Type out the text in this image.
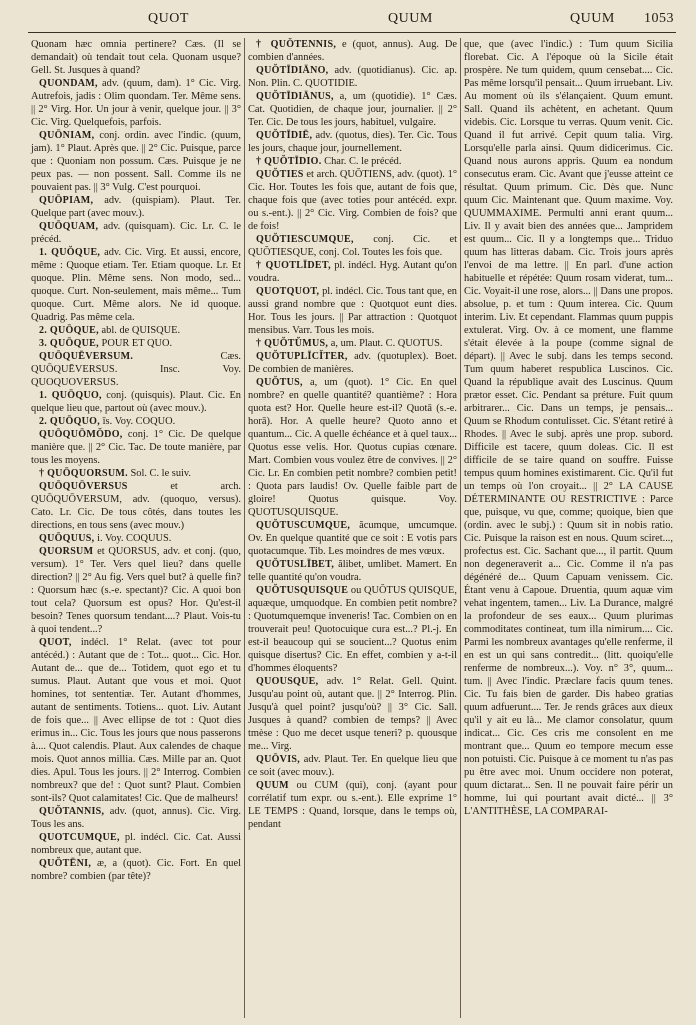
QUOT	QUUM	QUUM 1053

Quonam hæc omnia pertinere? Cæs. (Il se demandait) où tendait tout cela. Quonam usque? Gell. St. Jusques à quand?

QUONDAM, adv. (quum, dam). 1° Cic. Virg. Autrefois, jadis : Olim quondam. Ter. Même sens. || 2° Virg. Hor. Un jour à venir, quelque jour. || 3° Cic. Virg. Quelquefois, parfois.

QUŌNIAM, conj. ordin. avec l'indic. (quum, jam). 1° Plaut. Après que. || 2° Cic. Puisque, parce que : Quoniam non possum. Cæs. Puisque je ne peux pas. — non possent. Sall. Comme ils ne pouvaient pas. || 3° Vulg. C'est pourquoi.

QUŌPIAM, adv. (quispiam). Plaut. Ter. Quelque part (avec mouv.).

QUŌQUAM, adv. (quisquam). Cic. Lr. C. le précéd.

1. QUŎQUE, adv. Cic. Virg. Et aussi, encore, même : Quoque etiam. Ter. Etiam quoque. Lr. Et quoque. Plin. Même sens. Non modo, sed... quoque. Curt. Non-seulement, mais même... Tum quoque. Curt. Même alors. Ne id quoque. Quadrig. Pas même cela.

2. QUŌQUE, abl. de QUISQUE.

3. QUŌQUE, POUR ET QUO.

QUŌQUĒVERSUM. Cæs. QUŌQUĒVERSUS. Insc. Voy. QUOQUOVERSUS.

1. QUŌQUO, conj. (quisquis). Plaut. Cic. En quelque lieu que, partout où (avec mouv.).

2. QUŌQUO, īs. Voy. COQUO.

QUŌQUŌMŎDO, conj. 1° Cic. De quelque manière que. || 2° Cic. Tac. De toute manière, par tous les moyens.

† QUŌQUORSUM. Sol. C. le suiv.

QUŌQUŌVERSUS et arch. QUŌQUŌVERSUM, adv. (quoquo, versus). Cato. Lr. Cic. De tous côtés, dans toutes les directions, en tous sens (avec mouv.)

QUŌQUUS, i. Voy. COQUUS.

QUORSUM et QUORSUS, adv. et conj. (quo, versum). 1° Ter. Vers quel lieu? dans quelle direction? || 2° Au fig. Vers quel but? à quelle fin? : Quorsum hæc (s.-e. spectant)? Cic. A quoi bon tout cela? Quorsum est opus? Hor. Qu'est-il besoin? Tenes quorsum tendant....? Plaut. Vois-tu à quoi tendent...?

QUOT, indécl. 1° Relat. (avec tot pour antécéd.) : Autant que de : Tot... quot... Cic. Hor. Autant de... que de... Totidem, quot ego et tu sumus. Plaut. Autant que vous et moi. Quot homines, tot sententiæ. Ter. Autant d'hommes, autant de sentiments. Totiens... quot. Liv. Autant de fois que... || Avec ellipse de tot : Quot dies erimus in... Cic. Tous les jours que nous passerons à.... Quot calendis. Plaut. Aux calendes de chaque mois. Quot annos millia. Cæs. Mille par an. Quot dies. Apul. Tous les jours. || 2° Interrog. Combien nombreux? que de! : Quot sunt? Plaut. Combien sont-ils? Quot calamitates! Cic. Que de malheurs!

QUŎTANNIS, adv. (quot, annus). Cic. Virg. Tous les ans.

QUOTCUMQUE, pl. indécl. Cic. Cat. Aussi nombreux que, autant que.

QUŎTĒNI, æ, a (quot). Cic. Fort. En quel nombre? combien (par tête)?

† QUŎTENNIS, e (quot, annus). Aug. De combien d'années.

QUŎTĪDIĀNO, adv. (quotidianus). Cic. ap. Non. Plin. C. QUOTIDIE.

QUŎTĪDIĀNUS, a, um (quotidie). 1° Cæs. Cat. Quotidien, de chaque jour, journalier. || 2° Ter. Cic. De tous les jours, habituel, vulgaire.

QUŎTĪDIĒ, adv. (quotus, dies). Ter. Cic. Tous les jours, chaque jour, journellement.

† QUŎTĪDIO. Char. C. le précéd.

QUŎTIES et arch. QUŎTIENS, adv. (quot). 1° Cic. Hor. Toutes les fois que, autant de fois que, chaque fois que (avec toties pour antécéd. expr. ou s.-ent.). || 2° Cic. Virg. Combien de fois? que de fois!

QUŎTIESCUMQUE, conj. Cic. et QUŎTIESQUE, conj. Col. Toutes les fois que.

† QUOTLĪDET, pl. indécl. Hyg. Autant qu'on voudra.

QUOTQUOT, pl. indécl. Cic. Tous tant que, en aussi grand nombre que : Quotquot eunt dies. Hor. Tous les jours. || Par attraction : Quotquot mensibus. Varr. Tous les mois.

† QUŎTŬMUS, a, um. Plaut. C. QUOTUS.

QUŎTUPLĪCĬTER, adv. (quotuplex). Boet. De combien de manières.

QUŎTUS, a, um (quot). 1° Cic. En quel nombre? en quelle quantité? quantième? : Hora quota est? Hor. Quelle heure est-il? Quotā (s.-e. horā). Hor. A quelle heure? Quoto anno et quantum... Cic. A quelle échéance et à quel taux... Quotus esse velis. Hor. Quotus cupias cœnare. Mart. Combien vous voulez être de convives. || 2° Cic. Lr. En combien petit nombre? combien petit! : Quota pars laudis! Ov. Quelle faible part de gloire! Quotus quisque. Voy. QUOTUSQUISQUE.

QUŎTUSCUMQUE, ăcumque, umcumque. Ov. En quelque quantité que ce soit : E votis pars quotacumque. Tib. Les moindres de mes vœux.

QUŎTUSLĪBET, ălibet, umlibet. Mamert. En telle quantité qu'on voudra.

QUŎTUSQUISQUE ou QUŎTUS QUISQUE, aquæque, umquodque. En combien petit nombre? : Quotumquemque inveneris! Tac. Combien on en trouverait peu! Quotocuique cura est...? Pl.-j. En est-il beaucoup qui se soucient...? Quotus enim quisque disertus? Cic. En effet, combien y a-t-il d'hommes éloquents?

QUOUSQUE, adv. 1° Relat. Gell. Quint. Jusqu'au point où, autant que. || 2° Interrog. Plin. Jusqu'à quel point? jusqu'où? || 3° Cic. Sall. Jusques à quand? combien de temps? || Avec tmèse : Quo me decet usque teneri? p. quousque me... Virg.

QUŌVIS, adv. Plaut. Ter. En quelque lieu que ce soit (avec mouv.).

QUUM ou CUM (qui), conj. (ayant pour corrélatif tum expr. ou s.-ent.). Elle exprime 1° LE TEMPS : Quand, lorsque, dans le temps où, pendant

que, que (avec l'indic.) : Tum quum Sicilia florebat. Cic. A l'époque où la Sicile était prospère. Ne tum quidem, quum censebat.... Cic. Pas même lorsqu'il pensait... Quum irruebant. Liv. Au moment où ils s'élançaient. Quum emunt. Sall. Quand ils achètent, en achetant. Quum videbis. Cic. Lorsque tu verras. Quum venit. Cic. Quand il fut arrivé. Cepit quum talia. Virg. Lorsqu'elle parla ainsi. Quum didicerimus. Cic. Quand nous aurons appris. Quum ea nondum consecutus eram. Cic. Avant que j'eusse atteint ce résultat. Quum primum. Cic. Dès que. Nunc quum Cic. Maintenant que. Quum maxime. Voy. QUUMMAXIME. Permulti anni erant quum... Liv. Il y avait bien des années que... Jampridem est quum... Cic. Il y a longtemps que... Triduo quum has litteras dabam. Cic. Trois jours après l'envoi de ma lettre. || En parl. d'une action habituelle et répétée: Quum rosam viderat, tum... Cic. Voyait-il une rose, alors... || Dans une propos. absolue, p. et tum : Quum interea. Cic. Quum interim. Liv. Et cependant. Flammas quum puppis extulerat. Virg. Ov. à ce moment, une flamme s'était élevée à la poupe (comme signal de départ). || Avec le subj. dans les temps second. Tum quum haberet respublica Luscinos. Cic. Quand la république avait des Luscinus. Quum prætor esset. Cic. Pendant sa préture. Fuit quum arbitrarer... Cic. Dans un temps, je pensais... Quum se Rhodum contulisset. Cic. S'étant retiré à Rhodes. || Avec le subj. après une prop. subord. Difficile est tacere, quum doleas. Cic. Il est difficile de se taire quand on souffre. Fuisse tempus quum homines existimarent. Cic. Qu'il fut un temps où l'on croyait... || 2° LA CAUSE DÉTERMINANTE OU RESTRICTIVE : Parce que, puisque, vu que, comme; quoique, bien que (ordin. avec le subj.) : Quum sit in nobis ratio. Cic. Puisque la raison est en nous. Quum sciret..., profectus est. Cic. Sachant que..., il partit. Quum non degeneraverit a... Cic. Comme il n'a pas dégénéré de... Quum Capuam venissem. Cic. Étant venu à Capoue. Druentia, quum aquæ vim vehat ingentem, tamen... Liv. La Durance, malgré la profondeur de ses eaux... Quum plurimas commoditates contineat, tum illa nimirum.... Cic. Parmi les nombreux avantages qu'elle renferme, il en est un qui sans contredit... (litt. quoiqu'elle renferme de nombreux...). Voy. n° 3°, quum... tum. || Avec l'indic. Præclare facis quum tenes. Cic. Tu fais bien de garder. Dis habeo gratias quum adfuerunt.... Ter. Je rends grâces aux dieux qu'il y ait eu là... Me clamor consolatur, quum indicat... Cic. Ces cris me consolent en me montrant que... Quum eo tempore mecum esse non potuisti. Cic. Puisque à ce moment tu n'as pas pu être avec moi. Unum occidere non poterat, quum dictarat... Sen. Il ne pouvait faire périr un homme, lui qui pourtant avait dicté... || 3° L'ANTITHÈSE, LA COMPARAI-
